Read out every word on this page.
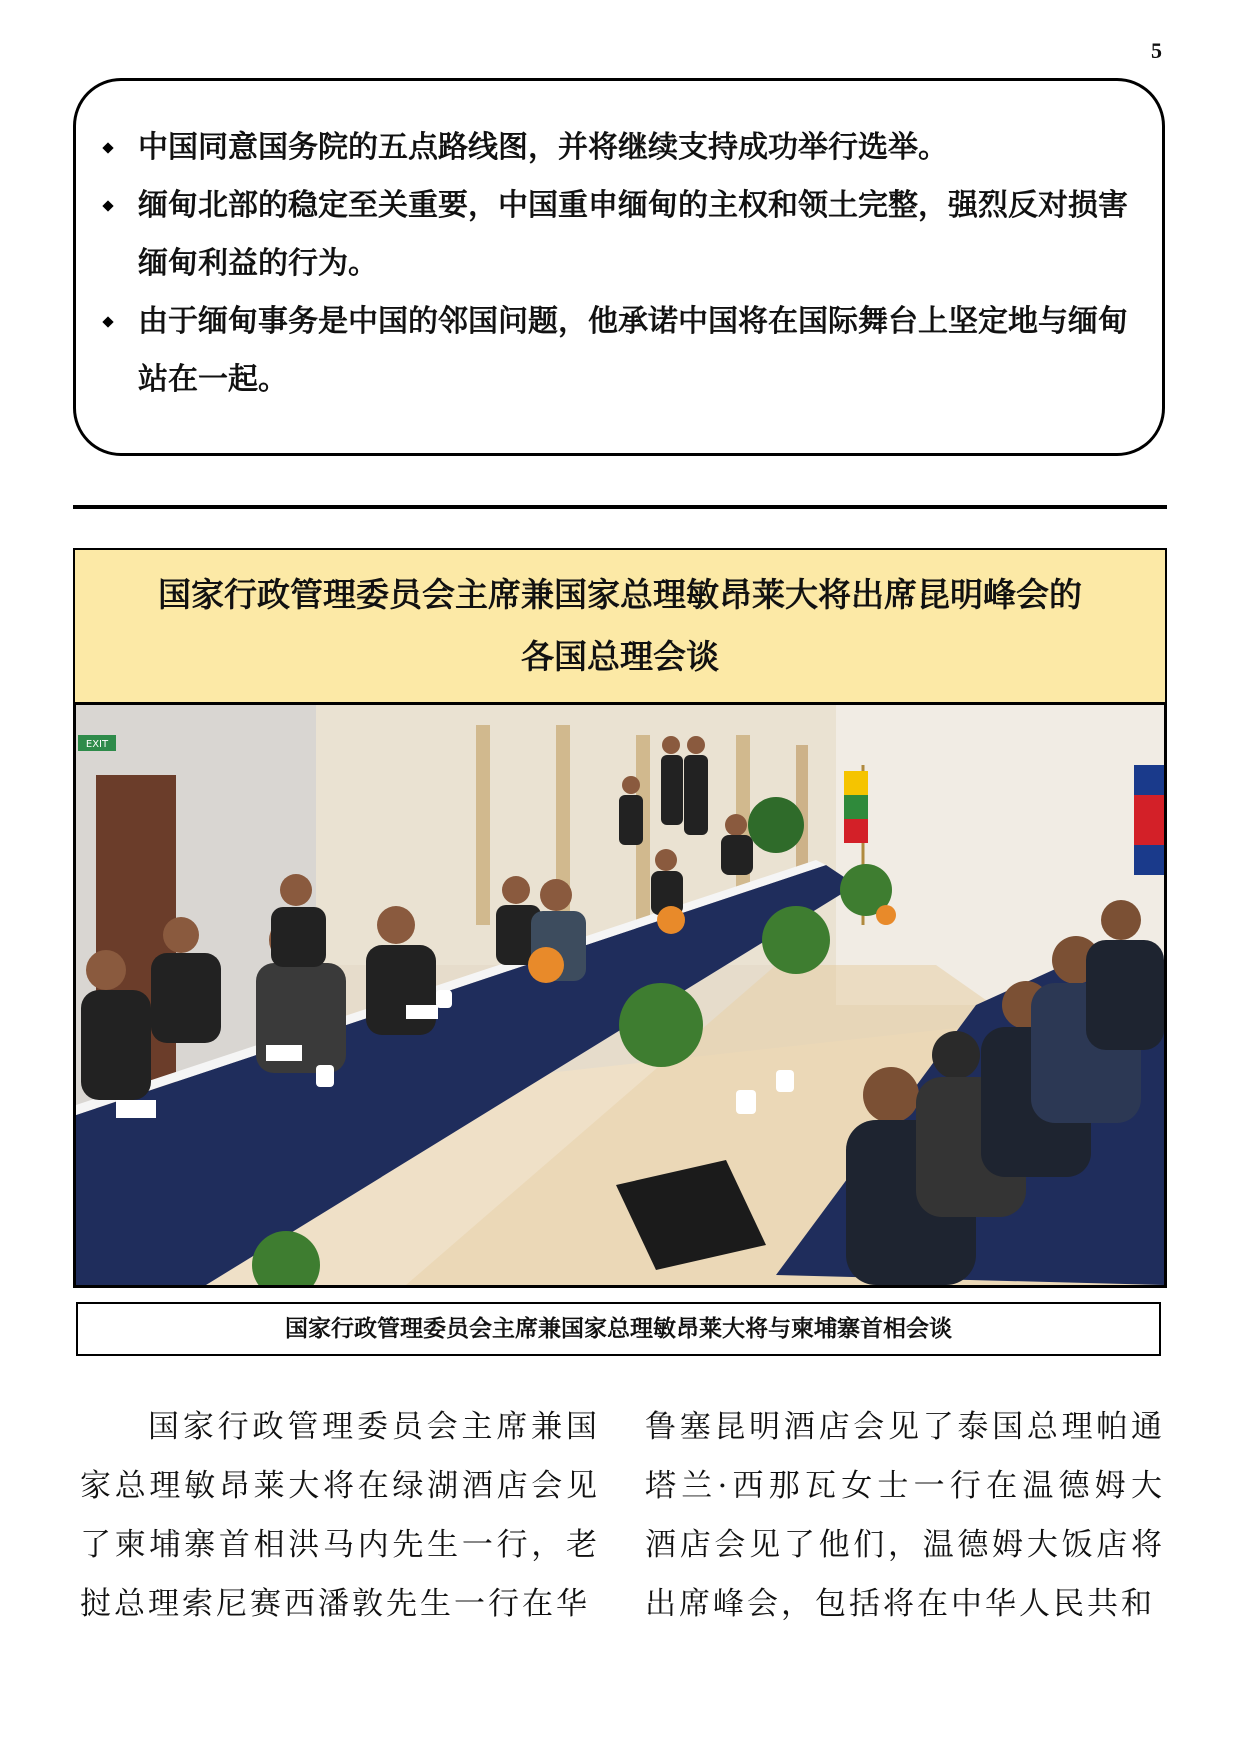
5
中国同意国务院的五点路线图，并将继续支持成功举行选举。
缅甸北部的稳定至关重要，中国重申缅甸的主权和领土完整，强烈反对损害缅甸利益的行为。
由于缅甸事务是中国的邻国问题，他承诺中国将在国际舞台上坚定地与缅甸站在一起。
国家行政管理委员会主席兼国家总理敏昂莱大将出席昆明峰会的
各国总理会谈
EXIT
国家行政管理委员会主席兼国家总理敏昂莱大将与柬埔寨首相会谈

国家行政管理委员会主席兼国家总理敏昂莱大将在绿湖酒店会见了柬埔寨首相洪马内先生一行，老挝总理索尼赛西潘敦先生一行在华

鲁塞昆明酒店会见了泰国总理帕通塔兰·西那瓦女士一行在温德姆大酒店会见了他们，温德姆大饭店将出席峰会，包括将在中华人民共和
